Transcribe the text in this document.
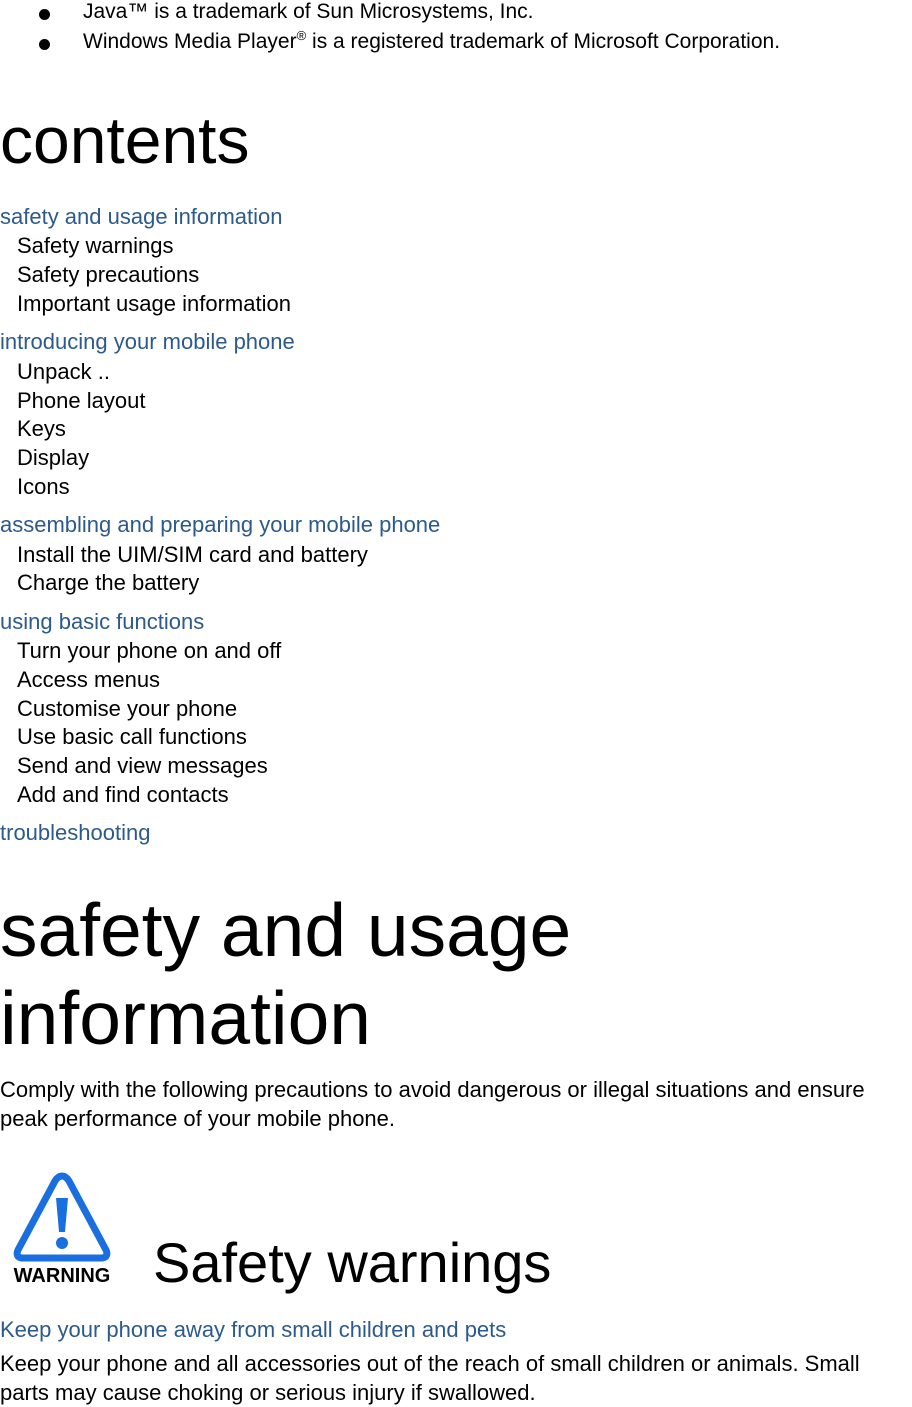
Java™ is a trademark of Sun Microsystems, Inc.
Windows Media Player® is a registered trademark of Microsoft Corporation.
contents
safety and usage information
Safety warnings
Safety precautions
Important usage information
introducing your mobile phone
Unpack ..
Phone layout
Keys
Display
Icons
assembling and preparing your mobile phone
Install the UIM/SIM card and battery
Charge the battery
using basic functions
Turn your phone on and off
Access menus
Customise your phone
Use basic call functions
Send and view messages
Add and find contacts
troubleshooting
safety and usage
information

Comply with the following precautions to avoid dangerous or illegal situations and ensure peak performance of your mobile phone.

WARNING Safety warnings
Keep your phone away from small children and pets

Keep your phone and all accessories out of the reach of small children or animals. Small parts may cause choking or serious injury if swallowed.
